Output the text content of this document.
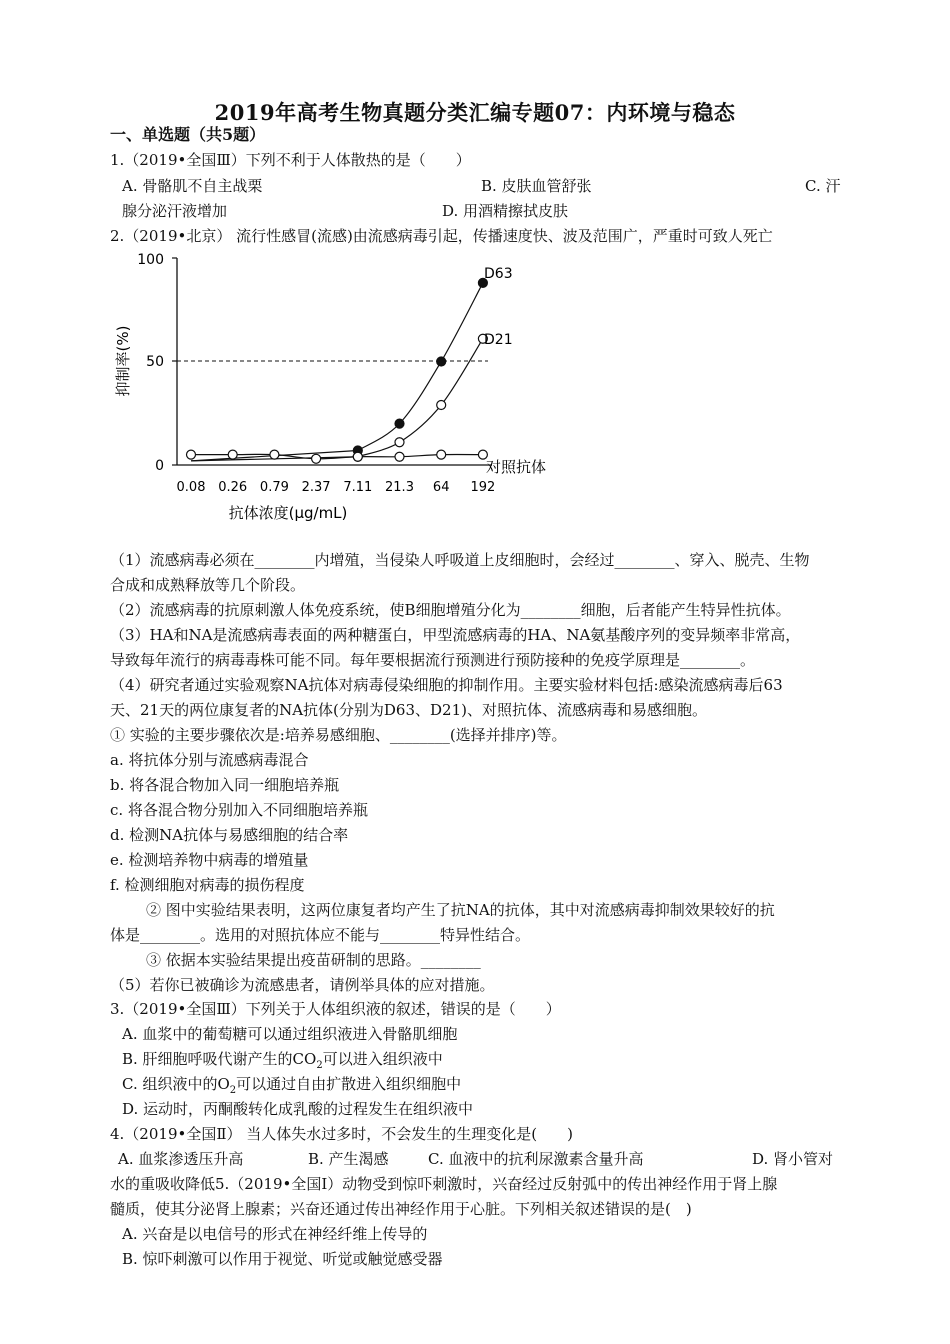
2019年高考生物真题分类汇编专题07：内环境与稳态
一、单选题（共5题）
1.（2019•全国Ⅲ）下列不利于人体散热的是（　　）
A. 骨骼肌不自主战栗	B. 皮肤血管舒张	C. 汗
腺分泌汗液增加	D. 用酒精擦拭皮肤
2.（2019•北京） 流行性感冒(流感)由流感病毒引起，传播速度快、波及范围广，严重时可致人死亡
100
50
0
抑制率(%)
抗体浓度(μg/mL)
0.08 0.26 0.79 2.37 7.11 21.3 64 192
D63
D21
对照抗体
（1）流感病毒必须在________内增殖，当侵染人呼吸道上皮细胞时，会经过________、穿入、脱壳、生物
合成和成熟释放等几个阶段。
（2）流感病毒的抗原刺激人体免疫系统，使B细胞增殖分化为________细胞，后者能产生特异性抗体。
（3）HA和NA是流感病毒表面的两种糖蛋白，甲型流感病毒的HA、NA氨基酸序列的变异频率非常高，
导致每年流行的病毒毒株可能不同。每年要根据流行预测进行预防接种的免疫学原理是________。
（4）研究者通过实验观察NA抗体对病毒侵染细胞的抑制作用。主要实验材料包括:感染流感病毒后63
天、21天的两位康复者的NA抗体(分别为D63、D21)、对照抗体、流感病毒和易感细胞。
① 实验的主要步骤依次是:培养易感细胞、________(选择并排序)等。
a. 将抗体分别与流感病毒混合
b. 将各混合物加入同一细胞培养瓶
c. 将各混合物分别加入不同细胞培养瓶
d. 检测NA抗体与易感细胞的结合率
e. 检测培养物中病毒的增殖量
f. 检测细胞对病毒的损伤程度
② 图中实验结果表明，这两位康复者均产生了抗NA的抗体，其中对流感病毒抑制效果较好的抗
体是________。选用的对照抗体应不能与________特异性结合。
③ 依据本实验结果提出疫苗研制的思路。________
（5）若你已被确诊为流感患者，请例举具体的应对措施。
3.（2019•全国Ⅲ）下列关于人体组织液的叙述，错误的是（　　）
A. 血浆中的葡萄糖可以通过组织液进入骨骼肌细胞
B. 肝细胞呼吸代谢产生的$CO_2$可以进入组织液中
C. 组织液中的$O_2$可以通过自由扩散进入组织细胞中
D. 运动时，丙酮酸转化成乳酸的过程发生在组织液中
4.（2019•全国Ⅱ） 当人体失水过多时，不会发生的生理变化是(　　)
A. 血浆渗透压升高	B. 产生渴感	C. 血液中的抗利尿激素含量升高	D. 肾小管对
水的重吸收降低5.（2019•全国Ⅰ）动物受到惊吓刺激时，兴奋经过反射弧中的传出神经作用于肾上腺
髓质，使其分泌肾上腺素；兴奋还通过传出神经作用于心脏。下列相关叙述错误的是(　)
A. 兴奋是以电信号的形式在神经纤维上传导的
B. 惊吓刺激可以作用于视觉、听觉或触觉感受器
